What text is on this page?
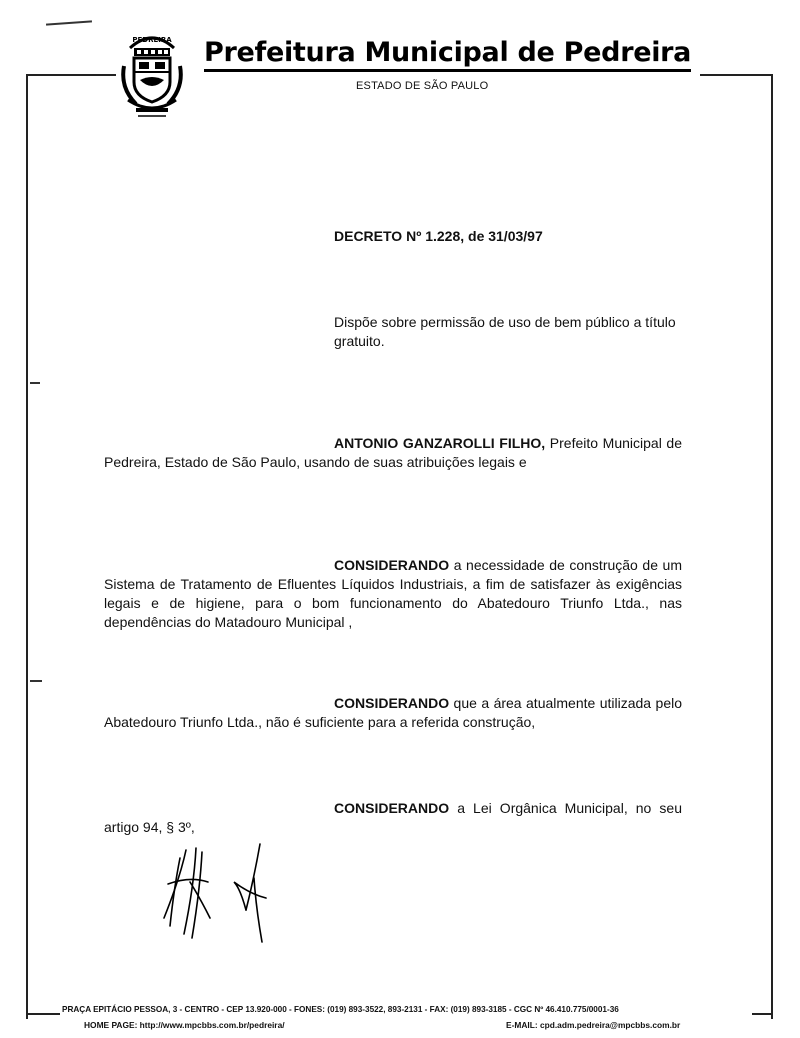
PEDREIRA Prefeitura Municipal de Pedreira
ESTADO DE SÃO PAULO
DECRETO Nº 1.228, de 31/03/97
Dispõe sobre permissão de uso de bem público a título gratuito.
ANTONIO GANZAROLLI FILHO, Prefeito Municipal de Pedreira, Estado de São Paulo, usando de suas atribuições legais e
CONSIDERANDO a necessidade de construção de um Sistema de Tratamento de Efluentes Líquidos Industriais, a fim de satisfazer às exigências legais e de higiene, para o bom funcionamento do Abatedouro Triunfo Ltda., nas dependências do Matadouro Municipal ,
CONSIDERANDO que a área atualmente utilizada pelo Abatedouro Triunfo Ltda., não é suficiente para a referida construção,
CONSIDERANDO a Lei Orgânica Municipal, no seu artigo 94, § 3º,
PRAÇA EPITÁCIO PESSOA, 3 - CENTRO - CEP 13.920-000 - FONES: (019) 893-3522, 893-2131 - FAX: (019) 893-3185 - CGC Nº 46.410.775/0001-36
HOME PAGE: http://www.mpcbbs.com.br/pedreira/	E-MAIL: cpd.adm.pedreira@mpcbbs.com.br
